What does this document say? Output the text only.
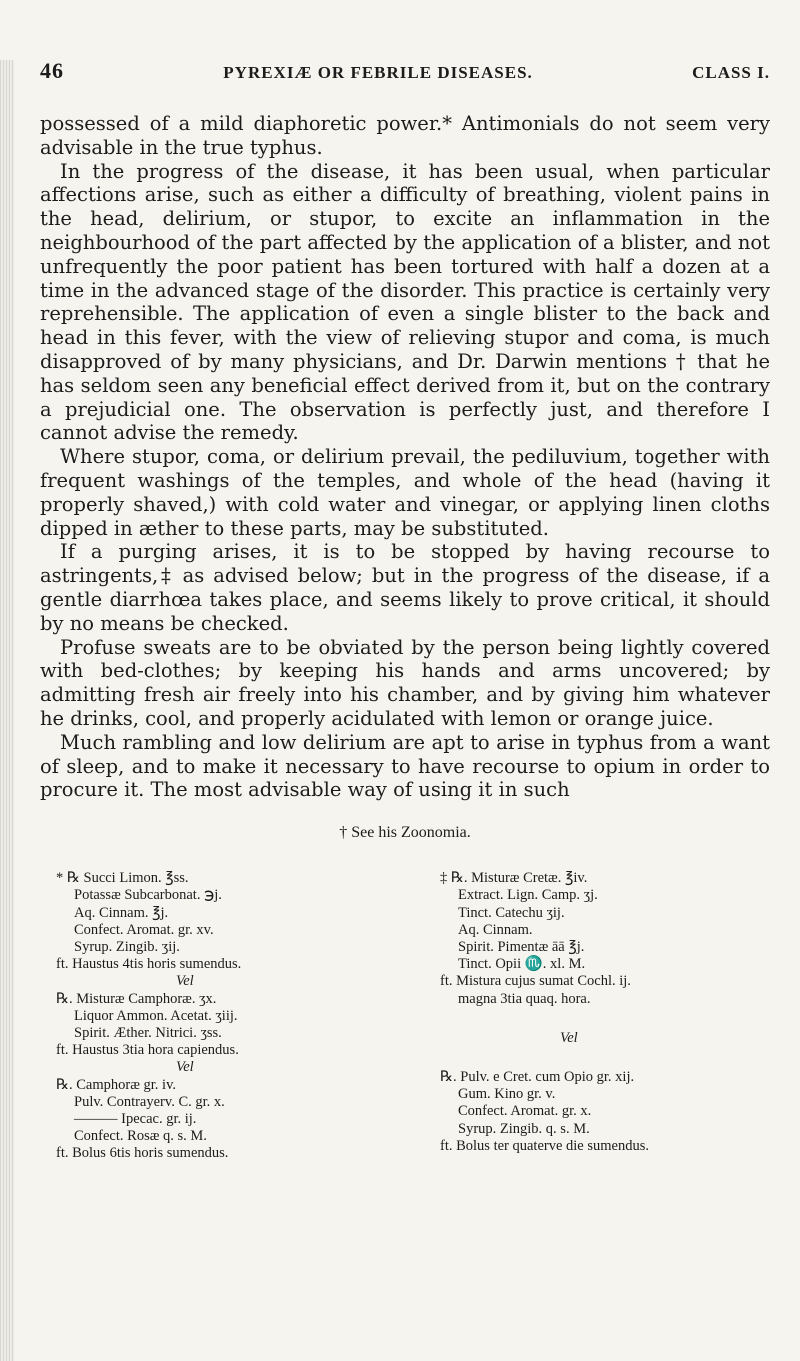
46	PYREXIÆ OR FEBRILE DISEASES.	CLASS I.

possessed of a mild diaphoretic power.* Antimonials do not seem very advisable in the true typhus.

In the progress of the disease, it has been usual, when particular affections arise, such as either a difficulty of breathing, violent pains in the head, delirium, or stupor, to excite an inflammation in the neighbourhood of the part affected by the application of a blister, and not unfrequently the poor patient has been tortured with half a dozen at a time in the advanced stage of the disorder. This practice is certainly very reprehensible. The application of even a single blister to the back and head in this fever, with the view of relieving stupor and coma, is much disapproved of by many physicians, and Dr. Darwin mentions † that he has seldom seen any beneficial effect derived from it, but on the contrary a prejudicial one. The observation is perfectly just, and therefore I cannot advise the remedy.

Where stupor, coma, or delirium prevail, the pediluvium, together with frequent washings of the temples, and whole of the head (having it properly shaved,) with cold water and vinegar, or applying linen cloths dipped in æther to these parts, may be substituted.

If a purging arises, it is to be stopped by having recourse to astringents,‡ as advised below; but in the progress of the disease, if a gentle diarrhœa takes place, and seems likely to prove critical, it should by no means be checked.

Profuse sweats are to be obviated by the person being lightly covered with bed-clothes; by keeping his hands and arms uncovered; by admitting fresh air freely into his chamber, and by giving him whatever he drinks, cool, and properly acidulated with lemon or orange juice.

Much rambling and low delirium are apt to arise in typhus from a want of sleep, and to make it necessary to have recourse to opium in order to procure it. The most advisable way of using it in such

† See his Zoonomia.
* ℞ Succi Limon. ℥ss.
Potassæ Subcarbonat. ℈j.
Aq. Cinnam. ℥j.
Confect. Aromat. gr. xv.
Syrup. Zingib. ʒij.
ft. Haustus 4tis horis sumendus.
Vel
℞. Misturæ Camphoræ. ʒx.
Liquor Ammon. Acetat. ʒiij.
Spirit. Æther. Nitrici. ʒss.
ft. Haustus 3tia hora capiendus.
Vel
℞. Camphoræ gr. iv.
Pulv. Contrayerv. C. gr. x.
——— Ipecac. gr. ij.
Confect. Rosæ q. s. M.
ft. Bolus 6tis horis sumendus.
‡ ℞. Misturæ Cretæ. ℥iv.
Extract. Lign. Camp. ʒj.
Tinct. Catechu ʒij.
Aq. Cinnam.
Spirit. Pimentæ āā ℥j.
Tinct. Opii ♏. xl. M.
ft. Mistura cujus sumat Cochl. ij.
magna 3tia quaq. hora.
Vel
℞. Pulv. e Cret. cum Opio gr. xij.
Gum. Kino gr. v.
Confect. Aromat. gr. x.
Syrup. Zingib. q. s. M.
ft. Bolus ter quaterve die sumendus.
